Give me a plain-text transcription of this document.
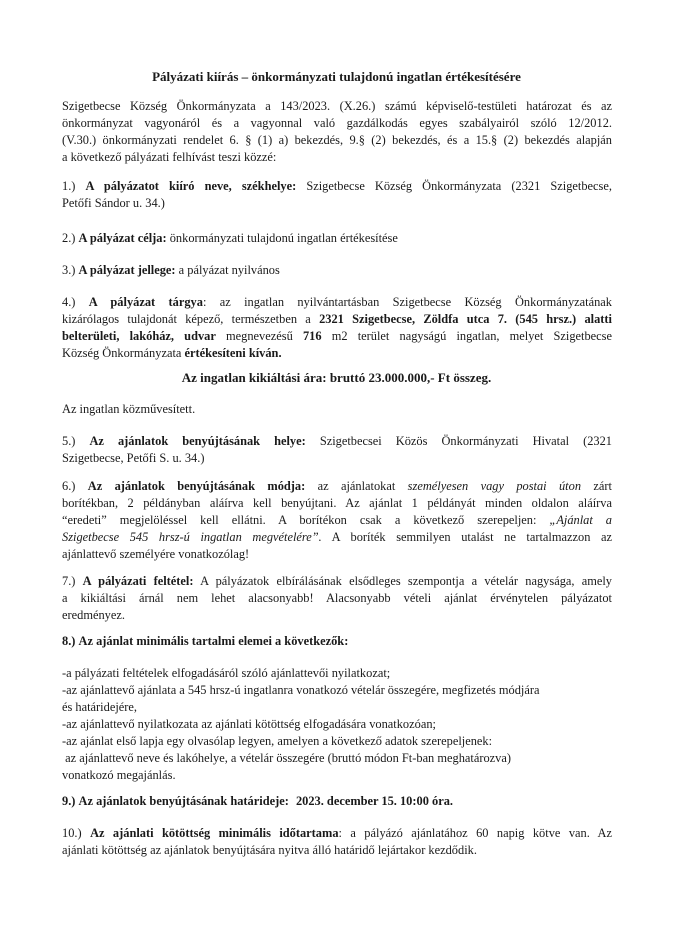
Pályázati kiírás – önkormányzati tulajdonú ingatlan értékesítésére
Szigetbecse Község Önkormányzata a 143/2023. (X.26.) számú képviselő-testületi határozat és az
önkormányzat vagyonáról és a vagyonnal való gazdálkodás egyes szabályairól szóló 12/2012.
(V.30.) önkormányzati rendelet 6. § (1) a) bekezdés, 9.§ (2) bekezdés, és a 15.§ (2) bekezdés alapján
a következő pályázati felhívást teszi közzé:
1.) A pályázatot kiíró neve, székhelye: Szigetbecse Község Önkormányzata (2321 Szigetbecse,
Petőfi Sándor u. 34.)
2.) A pályázat célja: önkormányzati tulajdonú ingatlan értékesítése
3.) A pályázat jellege: a pályázat nyilvános
4.) A pályázat tárgya: az ingatlan nyilvántartásban Szigetbecse Község Önkormányzatának
kizárólagos tulajdonát képező, természetben a 2321 Szigetbecse, Zöldfa utca 7. (545 hrsz.) alatti
belterületi, lakóház, udvar megnevezésű 716 m2 terület nagyságú ingatlan, melyet Szigetbecse
Község Önkormányzata értékesíteni kíván.
Az ingatlan kikiáltási ára: bruttó 23.000.000,- Ft összeg.
Az ingatlan közművesített.
5.) Az ajánlatok benyújtásának helye: Szigetbecsei Közös Önkormányzati Hivatal (2321
Szigetbecse, Petőfi S. u. 34.)
6.) Az ajánlatok benyújtásának módja: az ajánlatokat személyesen vagy postai úton zárt
borítékban, 2 példányban aláírva kell benyújtani. Az ajánlat 1 példányát minden oldalon aláírva
“eredeti” megjelöléssel kell ellátni. A borítékon csak a következő szerepeljen: „Ajánlat a
Szigetbecse 545 hrsz-ú ingatlan megvételére”. A boríték semmilyen utalást ne tartalmazzon az
ajánlattevő személyére vonatkozólag!
7.) A pályázati feltétel: A pályázatok elbírálásának elsődleges szempontja a vételár nagysága, amely
a kikiáltási árnál nem lehet alacsonyabb! Alacsonyabb vételi ajánlat érvénytelen pályázatot
eredményez.
8.) Az ajánlat minimális tartalmi elemei a következők:
-a pályázati feltételek elfogadásáról szóló ajánlattevői nyilatkozat;
-az ajánlattevő ajánlata a 545 hrsz-ú ingatlanra vonatkozó vételár összegére, megfizetés módjára
és határidejére,
-az ajánlattevő nyilatkozata az ajánlati kötöttség elfogadására vonatkozóan;
-az ajánlat első lapja egy olvasólap legyen, amelyen a következő adatok szerepeljenek:
az ajánlattevő neve és lakóhelye, a vételár összegére (bruttó módon Ft-ban meghatározva)
vonatkozó megajánlás.
9.) Az ajánlatok benyújtásának határideje: 2023. december 15. 10:00 óra.
10.) Az ajánlati kötöttség minimális időtartama: a pályázó ajánlatához 60 napig kötve van. Az
ajánlati kötöttség az ajánlatok benyújtására nyitva álló határidő lejártakor kezdődik.
